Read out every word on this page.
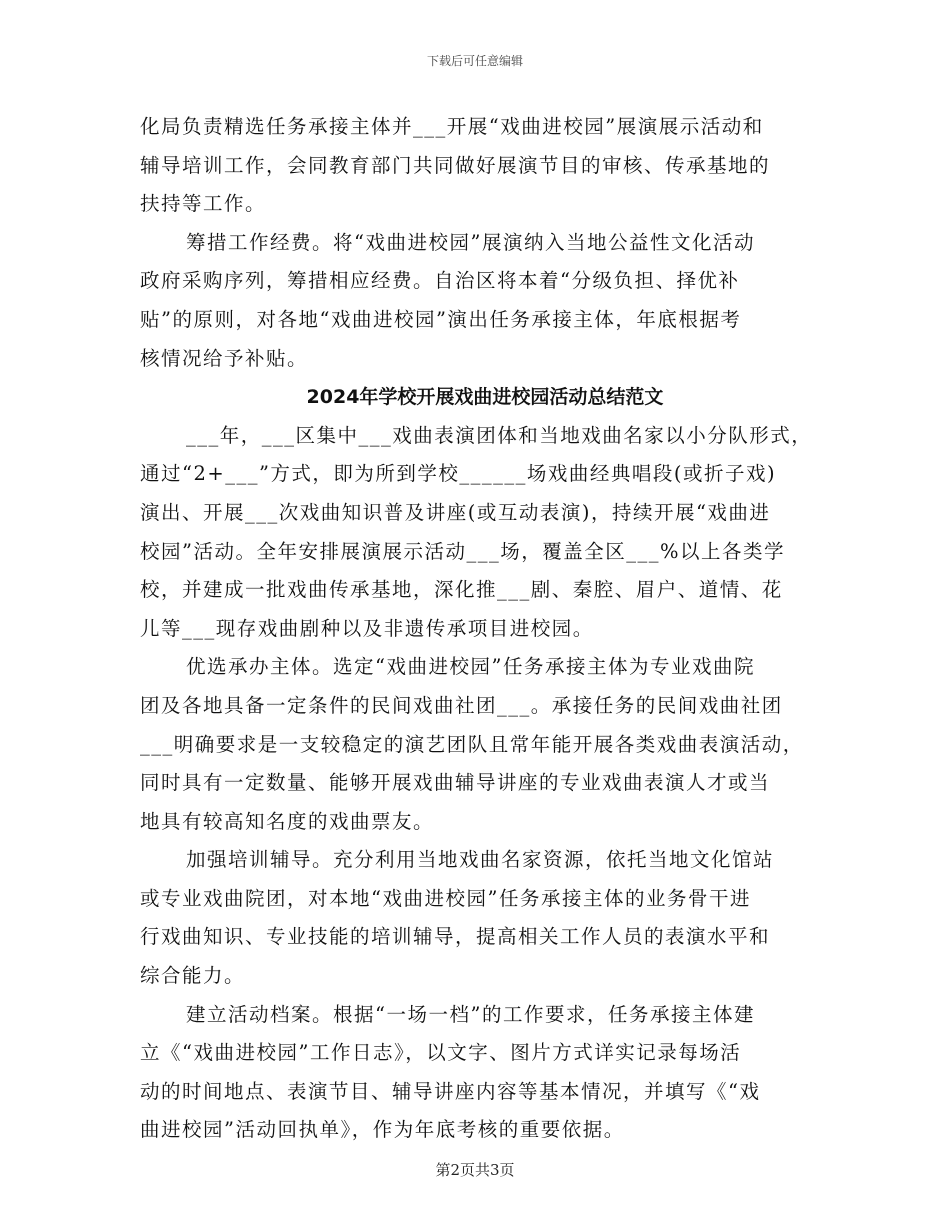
下载后可任意编辑
化局负责精选任务承接主体并___开展“戏曲进校园”展演展示活动和
辅导培训工作，会同教育部门共同做好展演节目的审核、传承基地的
扶持等工作。
筹措工作经费。将“戏曲进校园”展演纳入当地公益性文化活动
政府采购序列，筹措相应经费。自治区将本着“分级负担、择优补
贴”的原则，对各地“戏曲进校园”演出任务承接主体，年底根据考
核情况给予补贴。
2024年学校开展戏曲进校园活动总结范文
___年，___区集中___戏曲表演团体和当地戏曲名家以小分队形式，
通过“2+___”方式，即为所到学校______场戏曲经典唱段(或折子戏)
演出、开展___次戏曲知识普及讲座(或互动表演)，持续开展“戏曲进
校园”活动。全年安排展演展示活动___场，覆盖全区___%以上各类学
校，并建成一批戏曲传承基地，深化推___剧、秦腔、眉户、道情、花
儿等___现存戏曲剧种以及非遗传承项目进校园。
优选承办主体。选定“戏曲进校园”任务承接主体为专业戏曲院
团及各地具备一定条件的民间戏曲社团___。承接任务的民间戏曲社团
___明确要求是一支较稳定的演艺团队且常年能开展各类戏曲表演活动，
同时具有一定数量、能够开展戏曲辅导讲座的专业戏曲表演人才或当
地具有较高知名度的戏曲票友。
加强培训辅导。充分利用当地戏曲名家资源，依托当地文化馆站
或专业戏曲院团，对本地“戏曲进校园”任务承接主体的业务骨干进
行戏曲知识、专业技能的培训辅导，提高相关工作人员的表演水平和
综合能力。
建立活动档案。根据“一场一档”的工作要求，任务承接主体建
立《“戏曲进校园”工作日志》，以文字、图片方式详实记录每场活
动的时间地点、表演节目、辅导讲座内容等基本情况，并填写《“戏
曲进校园”活动回执单》，作为年底考核的重要依据。
第2页共3页
